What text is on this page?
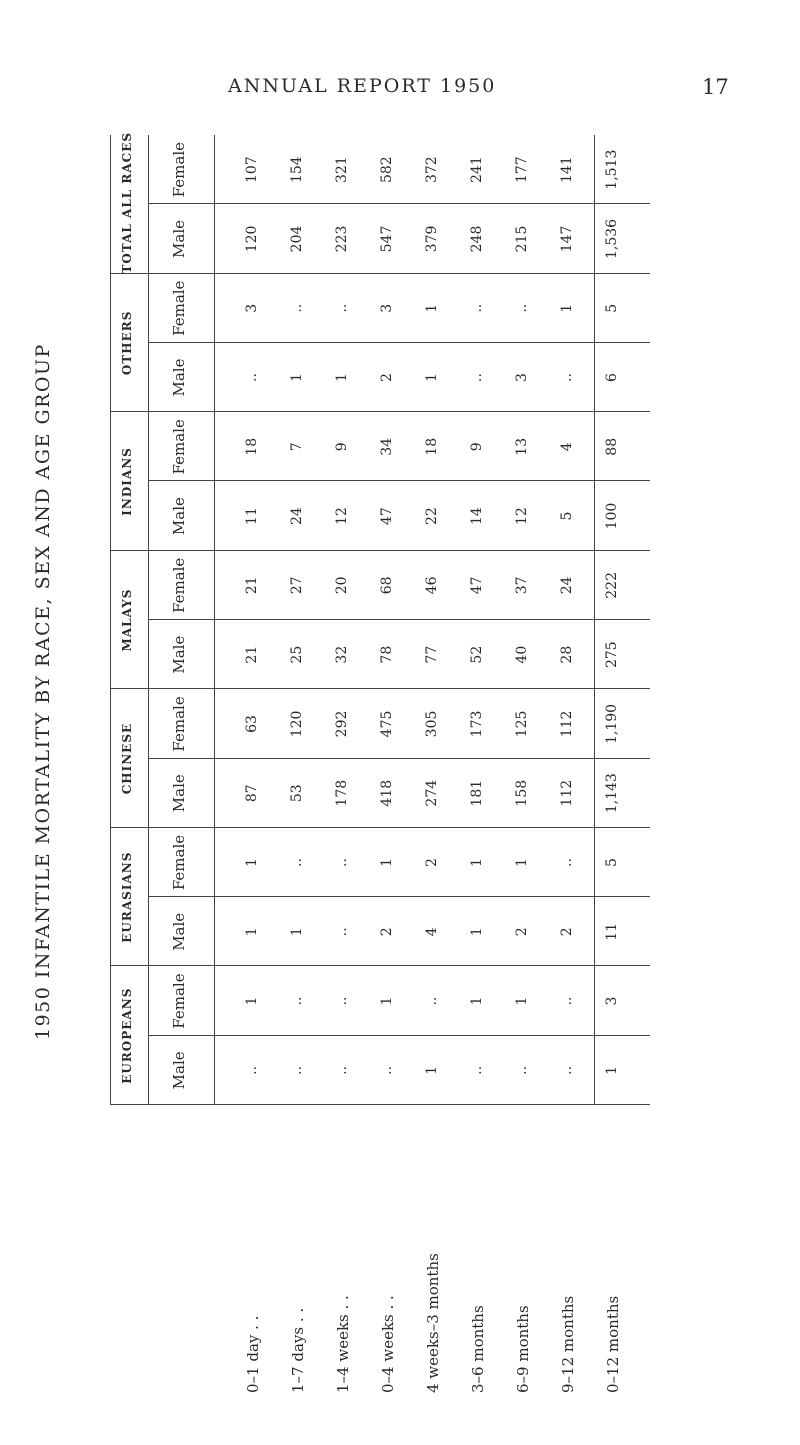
ANNUAL REPORT 1950	17
1950 INFANTILE MORTALITY BY RACE, SEX AND AGE GROUP	EUROPEANS Male
Female
.. .. .. .. 1 .. .. .. 1
1 .. .. 1 .. 1 1 .. 3
EURASIANS Male
Female
1 1 .. 2 4 1 2 2 11
1 .. .. 1 2 1 1 .. 5
CHINESE Male
Female
87 53 178 418 274 181 158 112 1,143
63 120 292 475 305 173 125 112 1,190
MALAYS
Male
Female
21 25 32 78 77 52 40 28 275
21 27 20 68 46 47 37 24 222
INDIANS
Male
Female
11 24 12 47 22 14 12 5 100
18 7 9 34 18 9 13 4 88
OTHERS
Male
Female
.. 1 1 2 1 .. 3 .. 6
3 .. .. 3 1 .. .. 1 5
TOTAL ALL RACES Male
Female
120 204 223 547 379 248 215 147 1,536
107 154 321 582 372 241 177 141 1,513
0–1 day . . 1–7 days . . 1–4 weeks . . 0–4 weeks . . 4 weeks–3 months 3–6 months 6–9 months 9–12 months 0–12 months
